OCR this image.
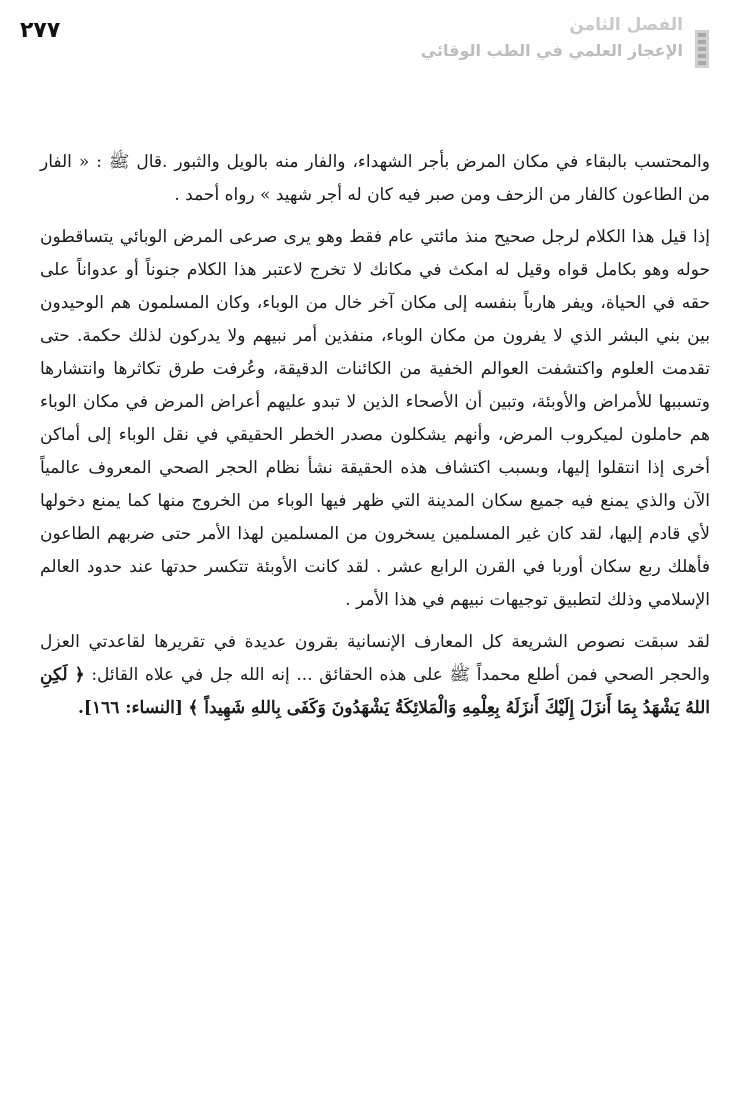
٢٧٧	الفصل الثامن
الإعجاز العلمي في الطب الوقائي

والمحتسب بالبقاء في مكان المرض بأجر الشهداء، والفار منه بالويل والثبور .قال ﷺ : « الفار من الطاعون كالفار من الزحف ومن صبر فيه كان له أجر شهيد » رواه أحمد .

إذا قيل هذا الكلام لرجل صحيح منذ مائتي عام فقط وهو يرى صرعى المرض الوبائي يتساقطون حوله وهو بكامل قواه وقيل له امكث في مكانك لا تخرج لاعتبر هذا الكلام جنوناً أو عدواناً على حقه في الحياة، ويفر هارباً بنفسه إلى مكان آخر خال من الوباء، وكان المسلمون هم الوحيدون بين بني البشر الذي لا يفرون من مكان الوباء، منفذين أمر نبيهم ولا يدركون لذلك حكمة. حتى تقدمت العلوم واكتشفت العوالم الخفية من الكائنات الدقيقة، وعُرفت طرق تكاثرها وانتشارها وتسببها للأمراض والأوبئة، وتبين أن الأصحاء الذين لا تبدو عليهم أعراض المرض في مكان الوباء هم حاملون لميكروب المرض، وأنهم يشكلون مصدر الخطر الحقيقي في نقل الوباء إلى أماكن أخرى إذا انتقلوا إليها، وبسبب اكتشاف هذه الحقيقة نشأ نظام الحجر الصحي المعروف عالمياً الآن والذي يمنع فيه جميع سكان المدينة التي ظهر فيها الوباء من الخروج منها كما يمنع دخولها لأي قادم إليها، لقد كان غير المسلمين يسخرون من المسلمين لهذا الأمر حتى ضربهم الطاعون فأهلك ربع سكان أوربا في القرن الرابع عشر . لقد كانت الأوبئة تتكسر حدتها عند حدود العالم الإسلامي وذلك لتطبيق توجيهات نبيهم في هذا الأمر .

لقد سبقت نصوص الشريعة كل المعارف الإنسانية بقرون عديدة في تقريرها لقاعدتي العزل والحجر الصحي فمن أطلع محمداً ﷺ على هذه الحقائق ... إنه الله جل في علاه القائل: ﴿ لَكِنِ اللهُ يَشْهَدُ بِمَا أَنزَلَ إِلَيْكَ أَنزَلَهُ بِعِلْمِهِ وَالْمَلائِكَةُ يَشْهَدُونَ وَكَفَى بِاللهِ شَهِيداً ﴾ [النساء: ١٦٦].
